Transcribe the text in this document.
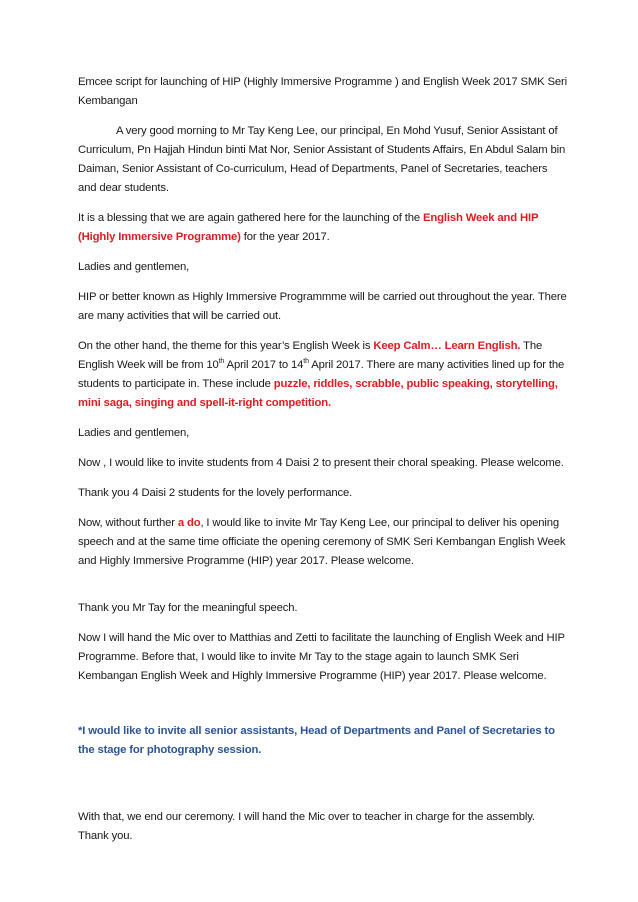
Emcee script for launching of HIP (Highly Immersive Programme ) and English Week 2017 SMK Seri Kembangan

A very good morning to Mr Tay Keng Lee, our principal, En Mohd Yusuf, Senior Assistant of Curriculum, Pn Hajjah Hindun binti Mat Nor, Senior Assistant of Students Affairs, En Abdul Salam bin Daiman, Senior Assistant of Co-curriculum, Head of Departments, Panel of Secretaries, teachers and dear students.

It is a blessing that we are again gathered here for the launching of the English Week and HIP (Highly Immersive Programme) for the year 2017.

Ladies and gentlemen,

HIP or better known as Highly Immersive Programmme will be carried out throughout the year. There are many activities that will be carried out.

On the other hand, the theme for this year’s English Week is Keep Calm… Learn English. The English Week will be from 10th April 2017 to 14th April 2017. There are many activities lined up for the students to participate in. These include puzzle, riddles, scrabble, public speaking, storytelling, mini saga, singing and spell-it-right competition.

Ladies and gentlemen,

Now , I would like to invite students from 4 Daisi 2 to present their choral speaking. Please welcome.

Thank you 4 Daisi 2 students for the lovely performance.

Now, without further a do, I would like to invite Mr Tay Keng Lee, our principal to deliver his opening speech and at the same time officiate the opening ceremony of SMK Seri Kembangan English Week and Highly Immersive Programme (HIP) year 2017. Please welcome.

Thank you Mr Tay for the meaningful speech.

Now I will hand the Mic over to Matthias and Zetti to facilitate the launching of English Week and HIP Programme. Before that, I would like to invite Mr Tay to the stage again to launch SMK Seri Kembangan English Week and Highly Immersive Programme (HIP) year 2017. Please welcome.

*I would like to invite all senior assistants, Head of Departments and Panel of Secretaries to the stage for photography session.

With that, we end our ceremony. I will hand the Mic over to teacher in charge for the assembly. Thank you.
